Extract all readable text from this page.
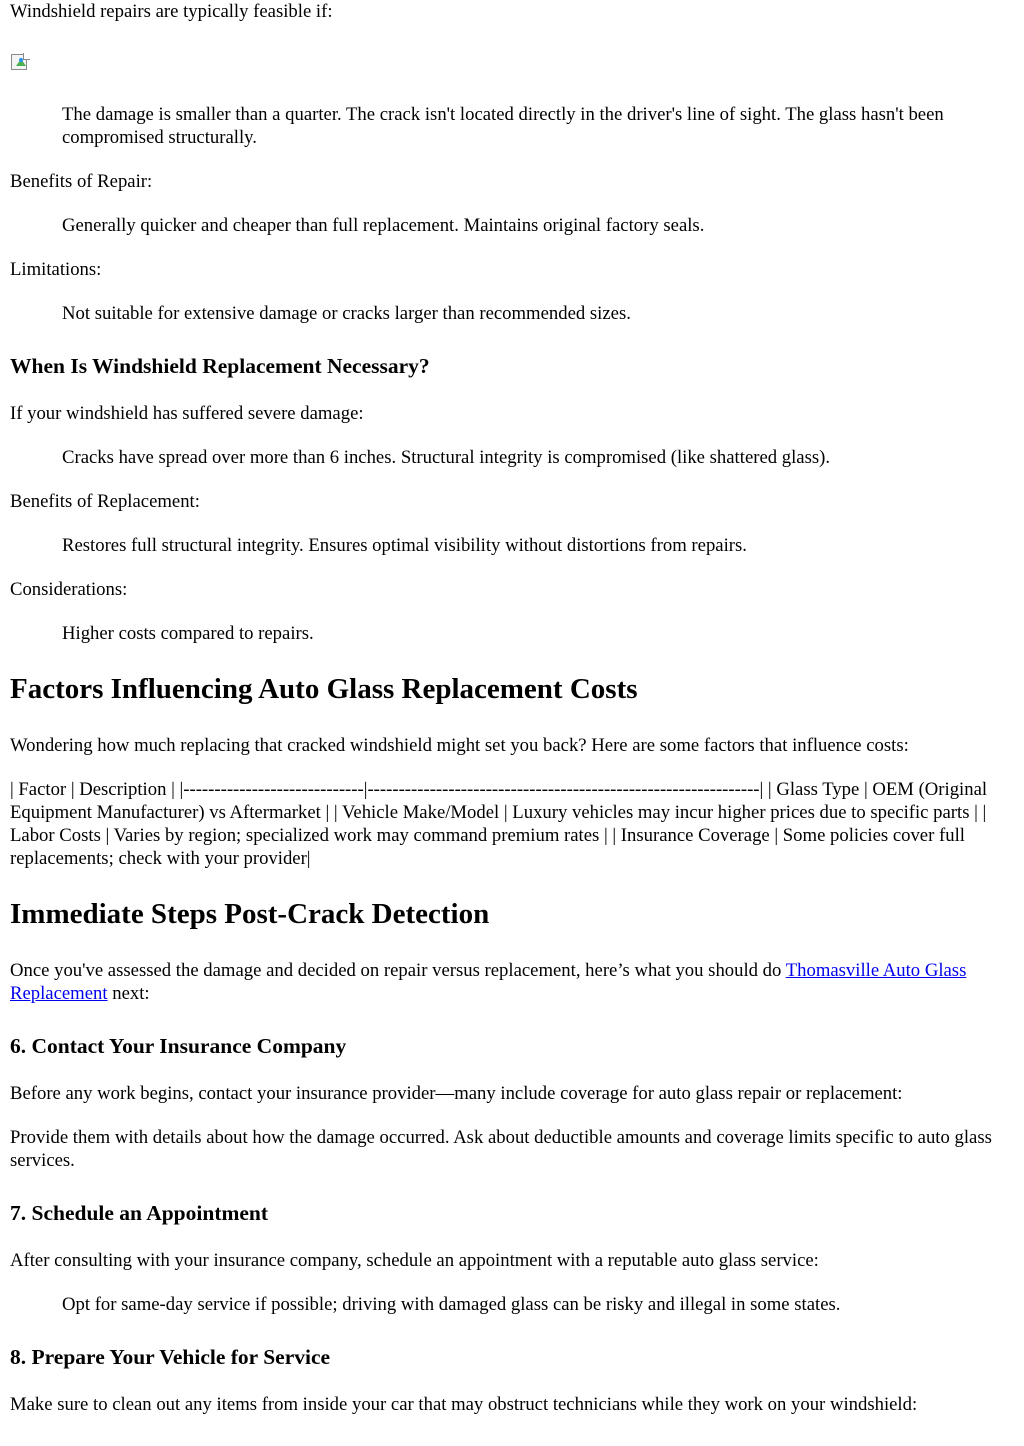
Windshield repairs are typically feasible if:

The damage is smaller than a quarter. The crack isn't located directly in the driver's line of sight. The glass hasn't been compromised structurally.

Benefits of Repair:

Generally quicker and cheaper than full replacement. Maintains original factory seals.

Limitations:

Not suitable for extensive damage or cracks larger than recommended sizes.
When Is Windshield Replacement Necessary?

If your windshield has suffered severe damage:

Cracks have spread over more than 6 inches. Structural integrity is compromised (like shattered glass).

Benefits of Replacement:

Restores full structural integrity. Ensures optimal visibility without distortions from repairs.

Considerations:

Higher costs compared to repairs.
Factors Influencing Auto Glass Replacement Costs

Wondering how much replacing that cracked windshield might set you back? Here are some factors that influence costs:

| Factor | Description | |-----------------------------|---------------------------------------------------------------| | Glass Type | OEM (Original Equipment Manufacturer) vs Aftermarket | | Vehicle Make/Model | Luxury vehicles may incur higher prices due to specific parts | | Labor Costs | Varies by region; specialized work may command premium rates | | Insurance Coverage | Some policies cover full replacements; check with your provider|

Immediate Steps Post-Crack Detection

Once you've assessed the damage and decided on repair versus replacement, here’s what you should do Thomasville Auto Glass Replacement next:

6. Contact Your Insurance Company

Before any work begins, contact your insurance provider—many include coverage for auto glass repair or replacement:

Provide them with details about how the damage occurred. Ask about deductible amounts and coverage limits specific to auto glass services.

7. Schedule an Appointment

After consulting with your insurance company, schedule an appointment with a reputable auto glass service:

Opt for same-day service if possible; driving with damaged glass can be risky and illegal in some states.
8. Prepare Your Vehicle for Service

Make sure to clean out any items from inside your car that may obstruct technicians while they work on your windshield:
